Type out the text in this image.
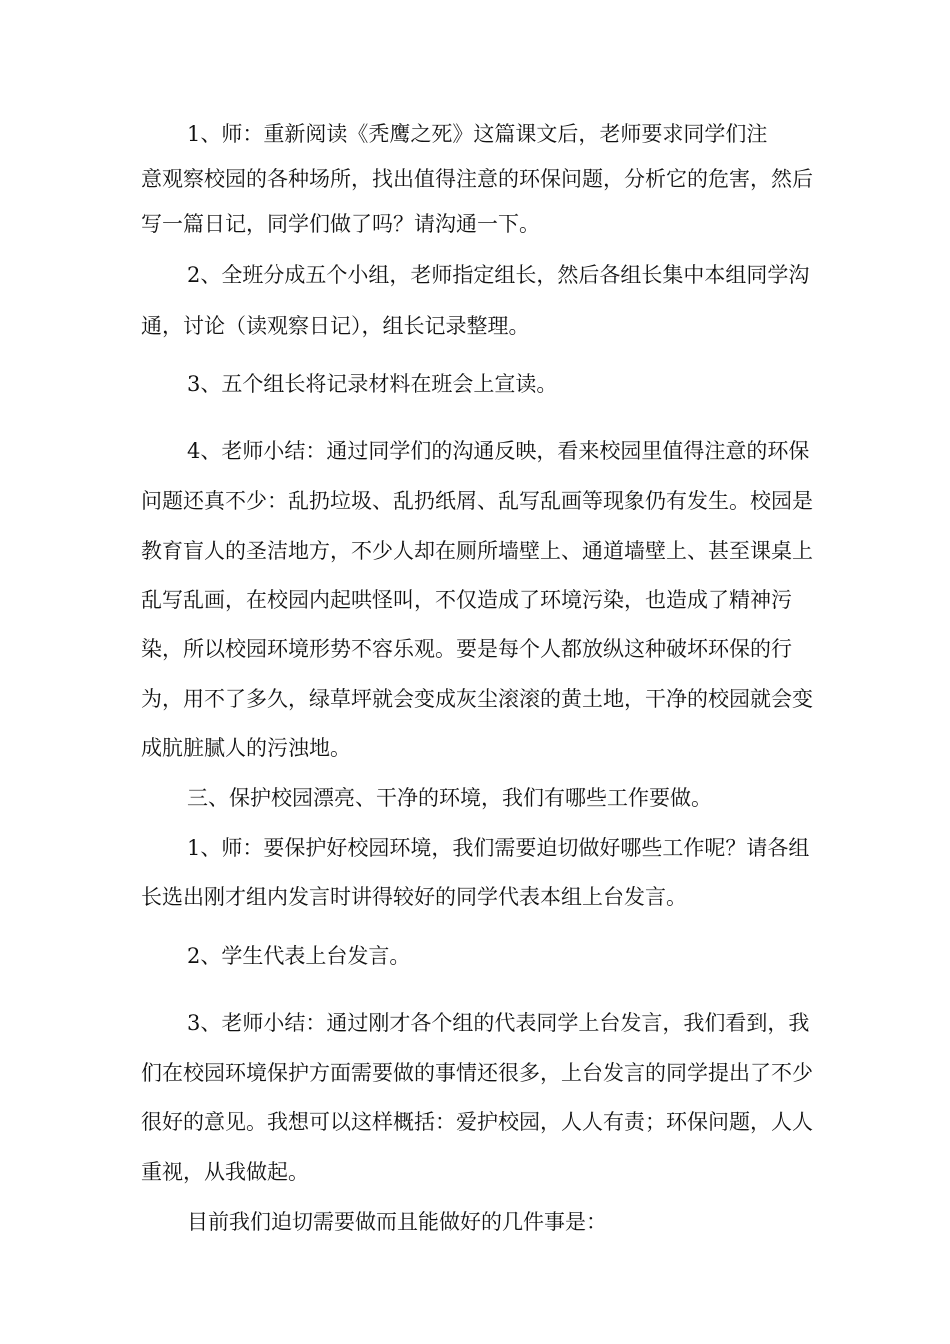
1、师：重新阅读《秃鹰之死》这篇课文后，老师要求同学们注

意观察校园的各种场所，找出值得注意的环保问题，分析它的危害，然后

写一篇日记，同学们做了吗？请沟通一下。

2、全班分成五个小组，老师指定组长，然后各组长集中本组同学沟

通，讨论（读观察日记），组长记录整理。

3、五个组长将记录材料在班会上宣读。

4、老师小结：通过同学们的沟通反映，看来校园里值得注意的环保

问题还真不少：乱扔垃圾、乱扔纸屑、乱写乱画等现象仍有发生。校园是

教育盲人的圣洁地方，不少人却在厕所墙壁上、通道墙壁上、甚至课桌上

乱写乱画，在校园内起哄怪叫，不仅造成了环境污染，也造成了精神污

染，所以校园环境形势不容乐观。要是每个人都放纵这种破坏环保的行

为，用不了多久，绿草坪就会变成灰尘滚滚的黄土地，干净的校园就会变

成肮脏腻人的污浊地。

三、保护校园漂亮、干净的环境，我们有哪些工作要做。

1、师：要保护好校园环境，我们需要迫切做好哪些工作呢？请各组

长选出刚才组内发言时讲得较好的同学代表本组上台发言。

2、学生代表上台发言。

3、老师小结：通过刚才各个组的代表同学上台发言，我们看到，我

们在校园环境保护方面需要做的事情还很多，上台发言的同学提出了不少

很好的意见。我想可以这样概括：爱护校园，人人有责；环保问题，人人

重视，从我做起。

目前我们迫切需要做而且能做好的几件事是：
